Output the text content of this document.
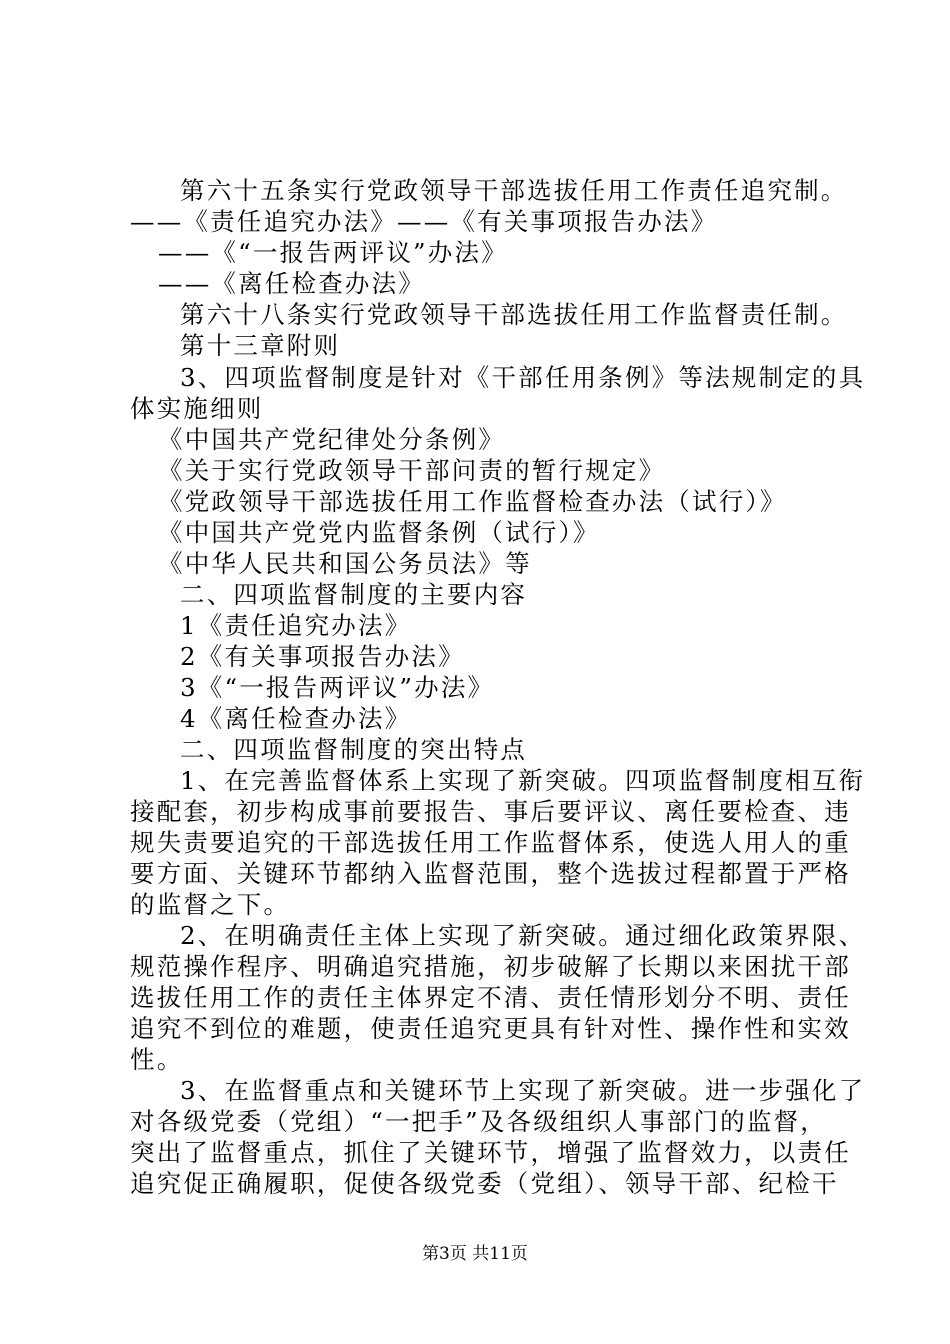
第六十五条实行党政领导干部选拔任用工作责任追究制。
——《责任追究办法》——《有关事项报告办法》
——《“一报告两评议”办法》
——《离任检查办法》
第六十八条实行党政领导干部选拔任用工作监督责任制。
第十三章附则
3、四项监督制度是针对《干部任用条例》等法规制定的具
体实施细则
《中国共产党纪律处分条例》
《关于实行党政领导干部问责的暂行规定》
《党政领导干部选拔任用工作监督检查办法（试行）》
《中国共产党党内监督条例（试行）》
《中华人民共和国公务员法》等
二、四项监督制度的主要内容
1《责任追究办法》
2《有关事项报告办法》
3《“一报告两评议”办法》
4《离任检查办法》
二、四项监督制度的突出特点
1、在完善监督体系上实现了新突破。四项监督制度相互衔
接配套，初步构成事前要报告、事后要评议、离任要检查、违
规失责要追究的干部选拔任用工作监督体系，使选人用人的重
要方面、关键环节都纳入监督范围，整个选拔过程都置于严格
的监督之下。
2、在明确责任主体上实现了新突破。通过细化政策界限、
规范操作程序、明确追究措施，初步破解了长期以来困扰干部
选拔任用工作的责任主体界定不清、责任情形划分不明、责任
追究不到位的难题，使责任追究更具有针对性、操作性和实效
性。
3、在监督重点和关键环节上实现了新突破。进一步强化了
对各级党委（党组）“一把手”及各级组织人事部门的监督，
突出了监督重点，抓住了关键环节，增强了监督效力，以责任
追究促正确履职，促使各级党委（党组）、领导干部、纪检干
第3页 共11页
